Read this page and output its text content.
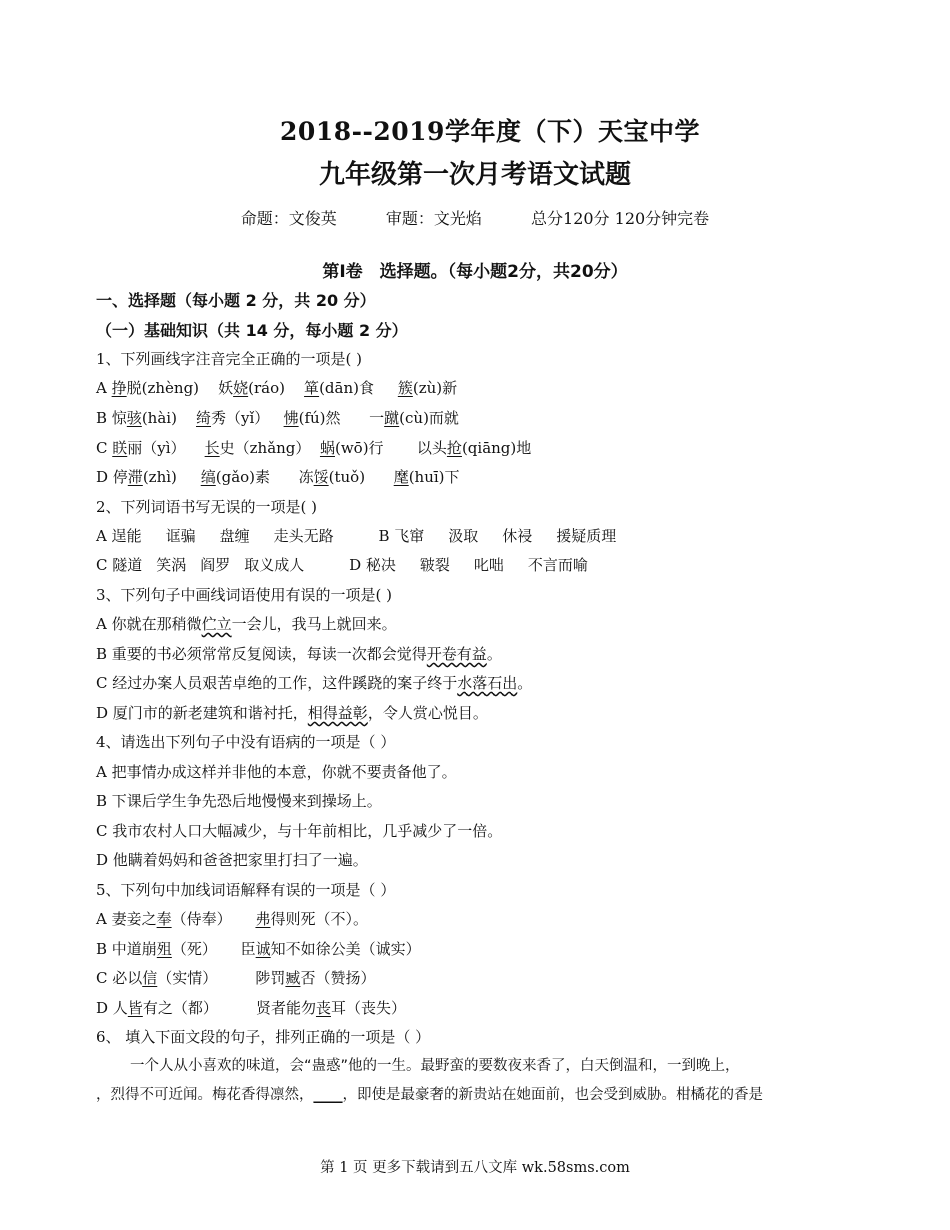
2018--2019学年度（下）天宝中学
九年级第一次月考语文试题
命题：文俊英	审题：文光焰	总分120分 120分钟完卷
第Ⅰ卷　选择题。（每小题2分，共20分）
一、选择题（每小题 2 分，共 20 分）
（一）基础知识（共 14 分，每小题 2 分）
1、下列画线字注音完全正确的一项是( )
A 挣脱(zhèng)    妖娆(ráo)    箪(dān)食     簇(zù)新
B 惊骇(hài)    绮秀（yǐ）   怫(fú)然      一蹴(cù)而就
C 眹丽（yì）    长史（zhǎng）  蜗(wō)行       以头抢(qiāng)地
D 停滞(zhì)     缟(gǎo)素      冻馁(tuǒ)      麾(huī)下
2、下列词语书写无误的一项是( )
A 逞能 诓骗 盘缠 走头无路	B 飞窜 汲取 休祲 援疑质理
C 隧道 笑涡 阎罗 取义成人	D 秘决 皲裂 叱咄 不言而喻
3、下列句子中画线词语使用有误的一项是( )
A 你就在那稍微伫立一会儿，我马上就回来。
B 重要的书必须常常反复阅读，每读一次都会觉得开卷有益。
C 经过办案人员艰苦卓绝的工作，这件蹊跷的案子终于水落石出。
D 厦门市的新老建筑和谐衬托，相得益彰，令人赏心悦目。
4、请选出下列句子中没有语病的一项是（ ）
A 把事情办成这样并非他的本意，你就不要责备他了。
B 下课后学生争先恐后地慢慢来到操场上。
C 我市农村人口大幅减少，与十年前相比，几乎减少了一倍。
D 他瞒着妈妈和爸爸把家里打扫了一遍。
5、下列句中加线词语解释有误的一项是（ ）
A 妻妾之奉（侍奉）     弗得则死（不）。
B 中道崩殂（死）     臣诚知不如徐公美（诚实）
C 必以信（实情）        陟罚臧否（赞扬）
D 人皆有之（都）        贤者能勿丧耳（丧失）
6、 填入下面文段的句子，排列正确的一项是（ ）
一个人从小喜欢的味道，会“蛊惑”他的一生。最野蛮的要数夜来香了，白天倒温和，一到晚上，
，烈得不可近闻。梅花香得凛然，____，即使是最豪奢的新贵站在她面前，也会受到威胁。柑橘花的香是
第 1 页 更多下载请到五八文库 wk.58sms.com
